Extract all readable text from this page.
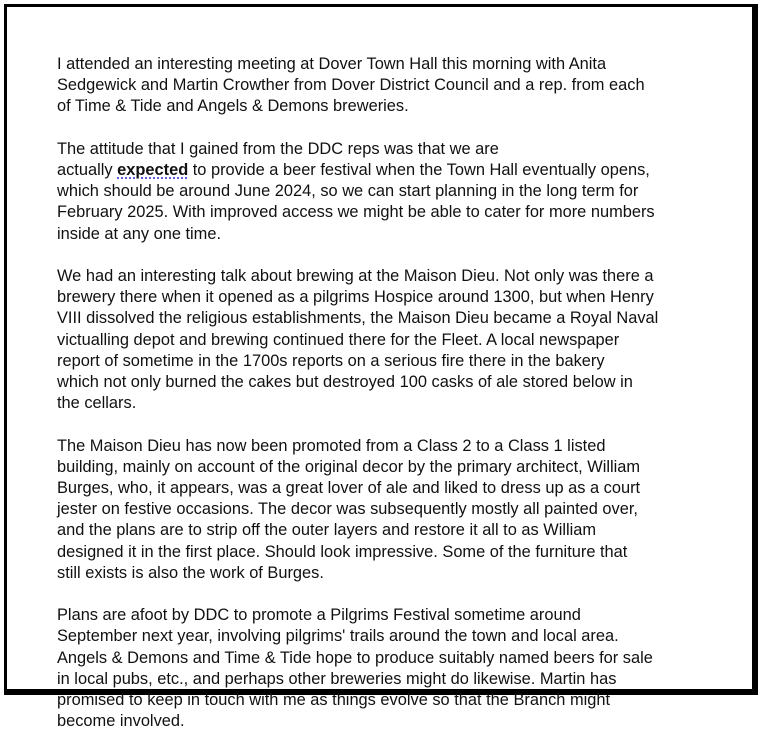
I attended an interesting meeting at Dover Town Hall this morning with Anita
Sedgewick and Martin Crowther from Dover District Council and a rep. from each
of Time & Tide and Angels & Demons breweries.

The attitude that I gained from the DDC reps was that we are
actually expected to provide a beer festival when the Town Hall eventually opens,
which should be around June 2024, so we can start planning in the long term for
February 2025. With improved access we might be able to cater for more numbers
inside at any one time.

We had an interesting talk about brewing at the Maison Dieu. Not only was there a
brewery there when it opened as a pilgrims Hospice around 1300, but when Henry
VIII dissolved the religious establishments, the Maison Dieu became a Royal Naval
victualling depot and brewing continued there for the Fleet. A local newspaper
report of sometime in the 1700s reports on a serious fire there in the bakery
which not only burned the cakes but destroyed 100 casks of ale stored below in
the cellars.

The Maison Dieu has now been promoted from a Class 2 to a Class 1 listed
building, mainly on account of the original decor by the primary architect, William
Burges, who, it appears, was a great lover of ale and liked to dress up as a court
jester on festive occasions. The decor was subsequently mostly all painted over,
and the plans are to strip off the outer layers and restore it all to as William
designed it in the first place. Should look impressive. Some of the furniture that
still exists is also the work of Burges.

Plans are afoot by DDC to promote a Pilgrims Festival sometime around
September next year, involving pilgrims' trails around the town and local area.
Angels & Demons and Time & Tide hope to produce suitably named beers for sale
in local pubs, etc., and perhaps other breweries might do likewise. Martin has
promised to keep in touch with me as things evolve so that the Branch might
become involved.
